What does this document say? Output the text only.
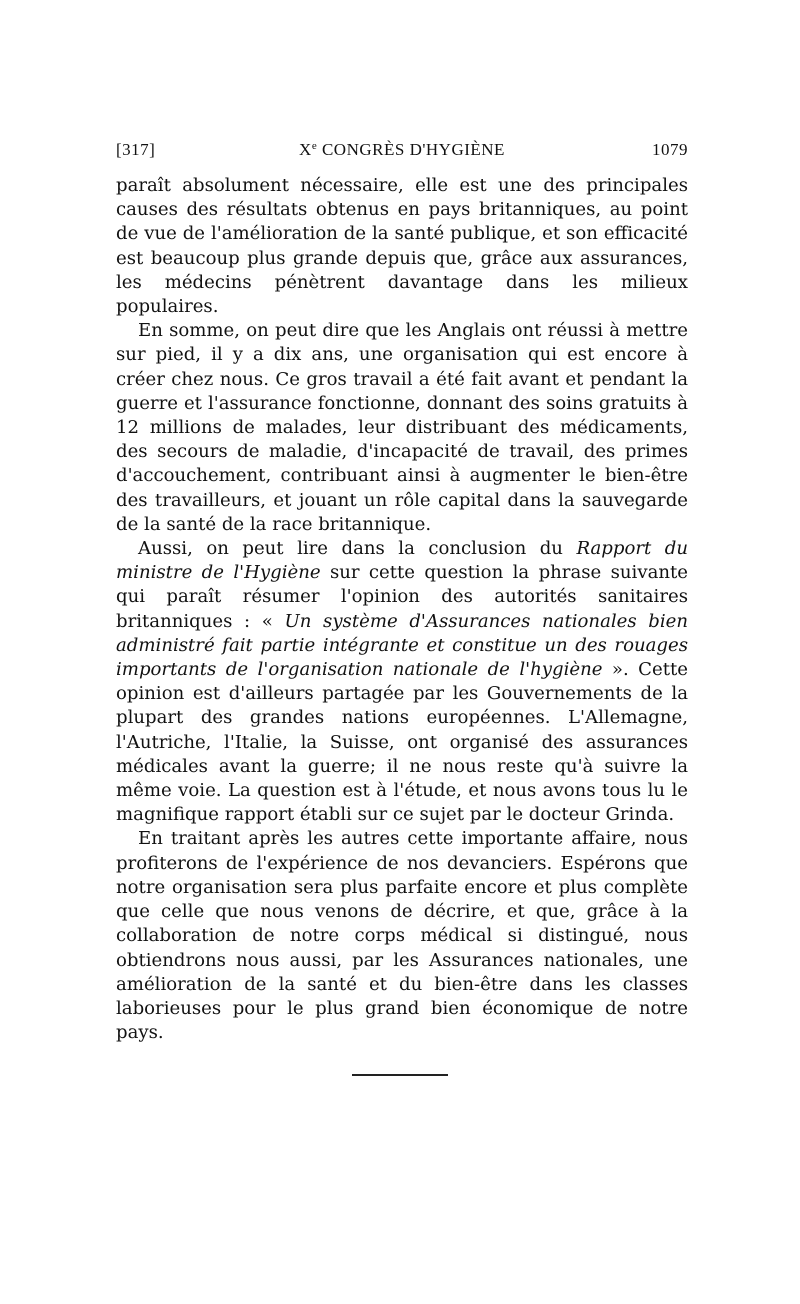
[317]	Xe CONGRÈS D'HYGIÈNE	1079

paraît absolument nécessaire, elle est une des principales causes des résultats obtenus en pays britanniques, au point de vue de l'amélioration de la santé publique, et son efficacité est beaucoup plus grande depuis que, grâce aux assurances, les médecins pénètrent davantage dans les milieux populaires.

En somme, on peut dire que les Anglais ont réussi à mettre sur pied, il y a dix ans, une organisation qui est encore à créer chez nous. Ce gros travail a été fait avant et pendant la guerre et l'assurance fonctionne, donnant des soins gratuits à 12 millions de malades, leur distribuant des médicaments, des secours de maladie, d'incapacité de travail, des primes d'accouchement, contribuant ainsi à augmenter le bien-être des travailleurs, et jouant un rôle capital dans la sauvegarde de la santé de la race britannique.

Aussi, on peut lire dans la conclusion du Rapport du ministre de l'Hygiène sur cette question la phrase suivante qui paraît résumer l'opinion des autorités sanitaires britanniques : « Un système d'Assurances nationales bien administré fait partie intégrante et constitue un des rouages importants de l'organisation nationale de l'hygiène ». Cette opinion est d'ailleurs partagée par les Gouvernements de la plupart des grandes nations européennes. L'Allemagne, l'Autriche, l'Italie, la Suisse, ont organisé des assurances médicales avant la guerre; il ne nous reste qu'à suivre la même voie. La question est à l'étude, et nous avons tous lu le magnifique rapport établi sur ce sujet par le docteur Grinda.

En traitant après les autres cette importante affaire, nous profiterons de l'expérience de nos devanciers. Espérons que notre organisation sera plus parfaite encore et plus complète que celle que nous venons de décrire, et que, grâce à la collaboration de notre corps médical si distingué, nous obtiendrons nous aussi, par les Assurances nationales, une amélioration de la santé et du bien-être dans les classes laborieuses pour le plus grand bien économique de notre pays.
